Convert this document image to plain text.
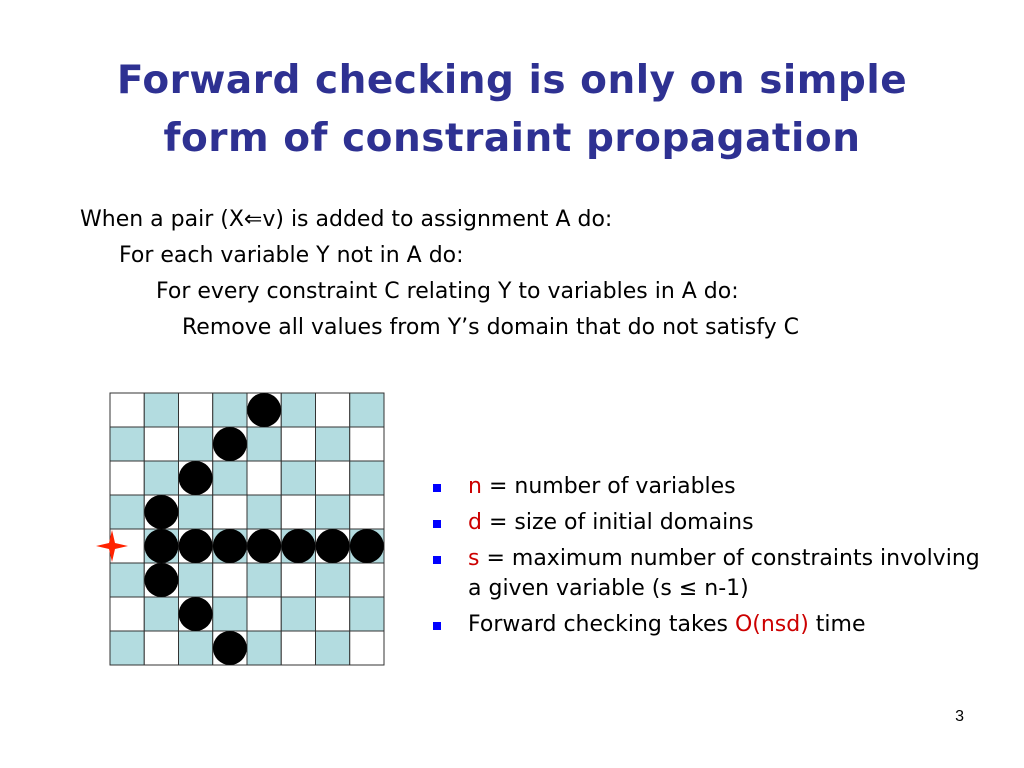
Forward checking is only on simple
form of constraint propagation
When a pair (X⇐v) is added to assignment A do:
For each variable Y not in A do:
For every constraint C relating Y to variables in A do:
Remove all values from Y’s domain that do not satisfy C
n = number of variables
d = size of initial domains
s = maximum number of constraints involving a given variable (s ≤ n-1)
Forward checking takes O(nsd) time
3
